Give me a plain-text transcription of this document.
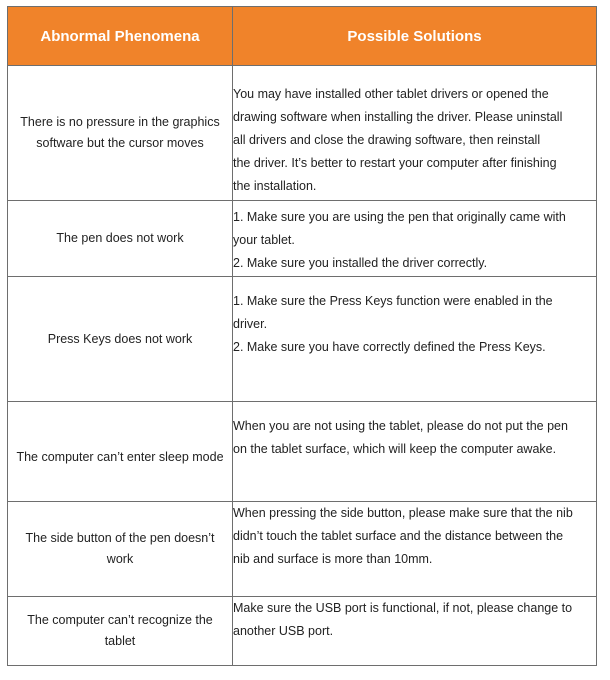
Abnormal Phenomena	Possible Solutions
There is no pressure in the graphics
software but the cursor moves	You may have installed other tablet drivers or opened the
drawing software when installing the driver. Please uninstall
all drivers and close the drawing software, then reinstall
the driver. It’s better to restart your computer after finishing
the installation.

The pen does not work	1. Make sure you are using the pen that originally came with
your tablet.
2. Make sure you installed the driver correctly.

Press Keys does not work	1. Make sure the Press Keys function were enabled in the
driver.
2. Make sure you have correctly defined the Press Keys.

The computer can’t enter sleep mode	When you are not using the tablet, please do not put the pen
on the tablet surface, which will keep the computer awake.

The side button of the pen doesn’t
work	When pressing the side button, please make sure that the nib
didn’t touch the tablet surface and the distance between the
nib and surface is more than 10mm.

The computer can’t recognize the
tablet	Make sure the USB port is functional, if not, please change to
another USB port.
